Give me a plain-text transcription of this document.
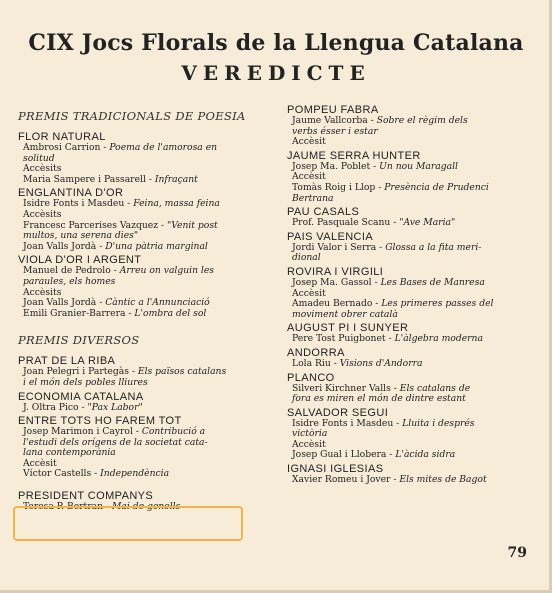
CIX Jocs Florals de la Llengua Catalana
VEREDICTE
PREMIS TRADICIONALS DE POESIA
FLOR NATURAL
Ambrosi Carrion - Poema de l'amorosa en
solitud
Accèsits
Maria Sampere i Passarell - Infraçant
ENGLANTINA D'OR
Isidre Fonts i Masdeu - Feina, massa feina
Accèsits
Francesc Parcerises Vazquez - "Venit post
multos, una serena dies"
Joan Valls Jordà - D'una pàtria marginal
VIOLA D'OR I ARGENT
Manuel de Pedrolo - Arreu on valguin les
paraules, els homes
Accèsits
Joan Valls Jordà - Càntic a l'Annunciació
Emili Granier-Barrera - L'ombra del sol
PREMIS DIVERSOS
PRAT DE LA RIBA
Joan Pelegri i Partegàs - Els països catalans
i el món dels pobles lliures
ECONOMIA CATALANA
J. Oltra Pico - "Pax Labor"
ENTRE TOTS HO FAREM TOT
Josep Marimon i Cayrol - Contribució a
l'estudi dels orígens de la societat cata-
lana contemporània
Accèsit
Víctor Castells - Independència
PRESIDENT COMPANYS
Teresa P. Bertran - Mai de genolls
POMPEU FABRA
Jaume Vallcorba - Sobre el règim dels
verbs ésser i estar
Accèsit
JAUME SERRA HUNTER
Josep Ma. Poblet - Un nou Maragall
Accèsit
Tomàs Roig i Llop - Presència de Prudenci
Bertrana
PAU CASALS
Prof. Pasquale Scanu - "Ave Maria"
PAIS VALENCIA
Jordi Valor i Serra - Glossa a la fita meri-
dional
ROVIRA I VIRGILI
Josep Ma. Gassol - Les Bases de Manresa
Accèsit
Amadeu Bernado - Les primeres passes del
moviment obrer català
AUGUST PI I SUNYER
Pere Tost Puigbonet - L'àlgebra moderna
ANDORRA
Lola Riu - Visions d'Andorra
PLANCO
Silveri Kirchner Valls - Els catalans de
fora es miren el món de dintre estant
SALVADOR SEGUI
Isidre Fonts i Masdeu - Lluita i després
victòria
Accèsit
Josep Gual i Llobera - L'àcida sidra
IGNASI IGLESIAS
Xavier Romeu i Jover - Els mites de Bagot
79
